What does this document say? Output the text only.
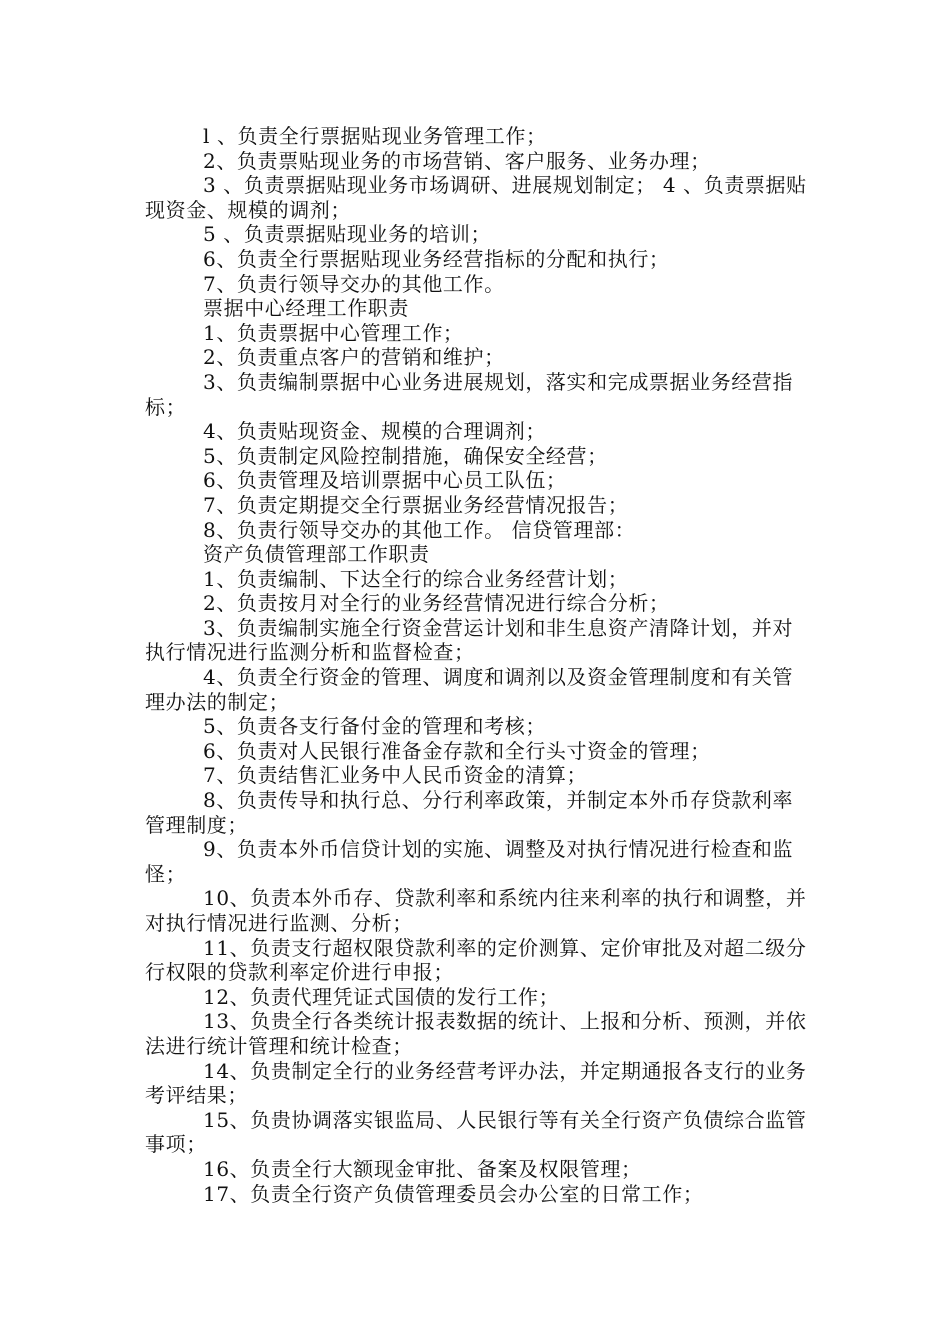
l 、负责全行票据贴现业务管理工作；

2、负责票贴现业务的市场营销、客户服务、业务办理；

3 、负责票据贴现业务市场调研、进展规划制定； 4 、负责票据贴现资金、规模的调剂；

5 、负责票据贴现业务的培训；

6、负责全行票据贴现业务经营指标的分配和执行；

7、负责行领导交办的其他工作。

票据中心经理工作职责

1、负责票据中心管理工作；

2、负责重点客户的营销和维护；

3、负责编制票据中心业务进展规划，落实和完成票据业务经营指标；

4、负责贴现资金、规模的合理调剂；

5、负责制定风险控制措施，确保安全经营；

6、负责管理及培训票据中心员工队伍；

7、负责定期提交全行票据业务经营情况报告；

8、负责行领导交办的其他工作。 信贷管理部：

资产负债管理部工作职责

1、负责编制、下达全行的综合业务经营计划；

2、负责按月对全行的业务经营情况进行综合分析；

3、负责编制实施全行资金营运计划和非生息资产清降计划，并对执行情况进行监测分析和监督检查；

4、负责全行资金的管理、调度和调剂以及资金管理制度和有关管理办法的制定；

5、负责各支行备付金的管理和考核；

6、负责对人民银行准备金存款和全行头寸资金的管理；

7、负责结售汇业务中人民币资金的清算；

8、负责传导和执行总、分行利率政策，并制定本外币存贷款利率管理制度；

9、负责本外币信贷计划的实施、调整及对执行情况进行检查和监怪；

10、负责本外币存、贷款利率和系统内往来利率的执行和调整，并对执行情况进行监测、分析；

11、负责支行超权限贷款利率的定价测算、定价审批及对超二级分行权限的贷款利率定价进行申报；

12、负责代理凭证式国债的发行工作；

13、负贵全行各类统计报表数据的统计、上报和分析、预测，并依法进行统计管理和统计检查；

14、负贵制定全行的业务经营考评办法，并定期通报各支行的业务考评结果；

15、负贵协调落实银监局、人民银行等有关全行资产负债综合监管事项；

16、负责全行大额现金审批、备案及权限管理；

17、负责全行资产负债管理委员会办公室的日常工作；
